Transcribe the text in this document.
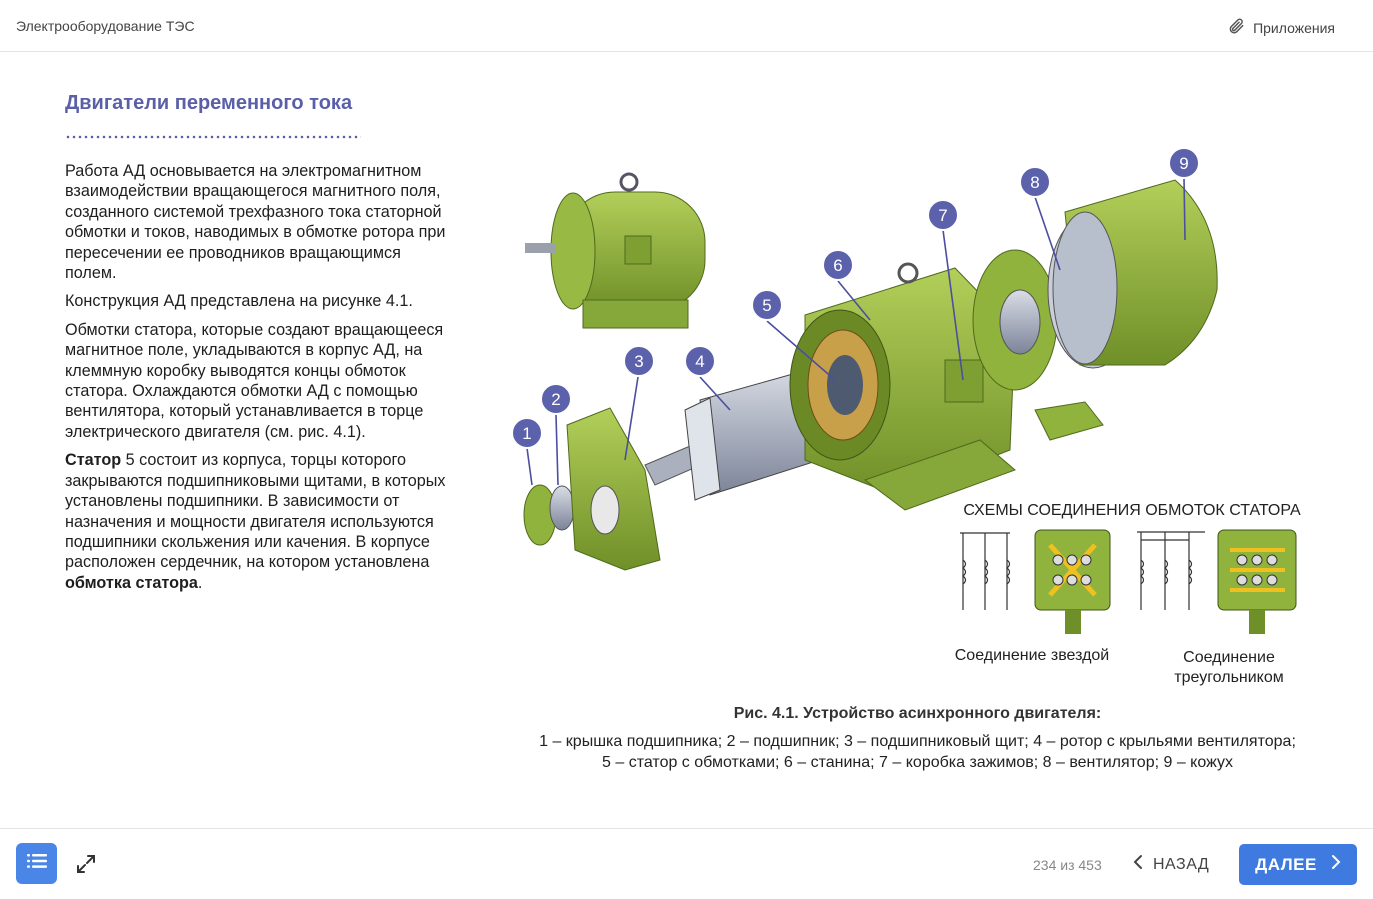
Электрооборудование ТЭС	Приложения
Двигатели переменного тока

Работа АД основывается на электромагнитном взаимодействии вращающегося магнитного поля, созданного системой трехфазного тока статорной обмотки и токов, наводимых в обмотке ротора при пересечении ее проводников вращающимся полем.

Конструкция АД представлена на рисунке 4.1.

Обмотки статора, которые создают вращающееся магнитное поле, укладываются в корпус АД, на клеммную коробку выводятся концы обмоток статора. Охлаждаются обмотки АД с помощью вентилятора, который устанавливается в торце электрического двигателя (см. рис. 4.1).

Статор 5 состоит из корпуса, торцы которого закрываются подшипниковыми щитами, в которых установлены подшипники. В зависимости от назначения и мощности двигателя используются подшипники скольжения или качения. В корпусе расположен сердечник, на котором установлена обмотка статора.

1
2
3	4
5
6
7
8
9
СХЕМЫ СОЕДИНЕНИЯ ОБМОТОК СТАТОРА
Соединение звездой	Соединение
треугольником
Рис. 4.1. Устройство асинхронного двигателя:
1 – крышка подшипника; 2 – подшипник; 3 – подшипниковый щит; 4 – ротор с крыльями вентилятора;
5 – статор с обмотками; 6 – станина; 7 – коробка зажимов; 8 – вентилятор; 9 – кожух
234 из 453	НАЗАД	ДАЛЕЕ
